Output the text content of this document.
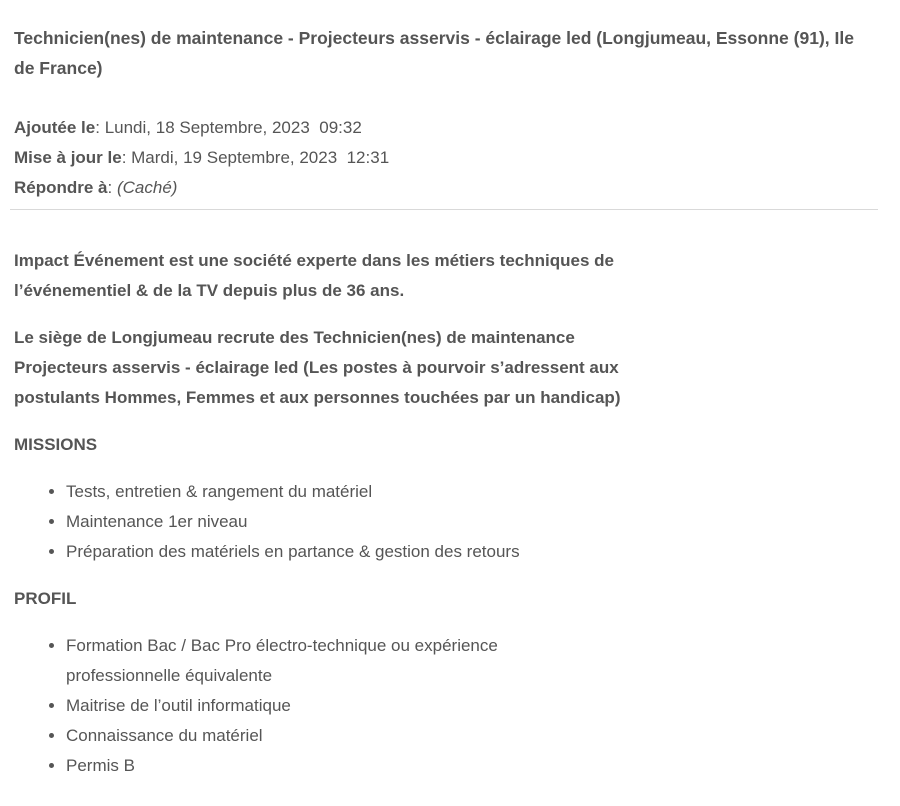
Technicien(nes) de maintenance - Projecteurs asservis - éclairage led (Longjumeau, Essonne (91), Ile de France)
Ajoutée le: Lundi, 18 Septembre, 2023  09:32
Mise à jour le: Mardi, 19 Septembre, 2023  12:31
Répondre à: (Caché)

Impact Événement est une société experte dans les métiers techniques de l’événementiel & de la TV depuis plus de 36 ans.

Le siège de Longjumeau recrute des Technicien(nes) de maintenance Projecteurs asservis - éclairage led (Les postes à pourvoir s’adressent aux postulants Hommes, Femmes et aux personnes touchées par un handicap)

MISSIONS
• Tests, entretien & rangement du matériel
• Maintenance 1er niveau
• Préparation des matériels en partance & gestion des retours
PROFIL
• Formation Bac / Bac Pro électro-technique ou expérience professionnelle équivalente
• Maitrise de l’outil informatique
• Connaissance du matériel
• Permis B
